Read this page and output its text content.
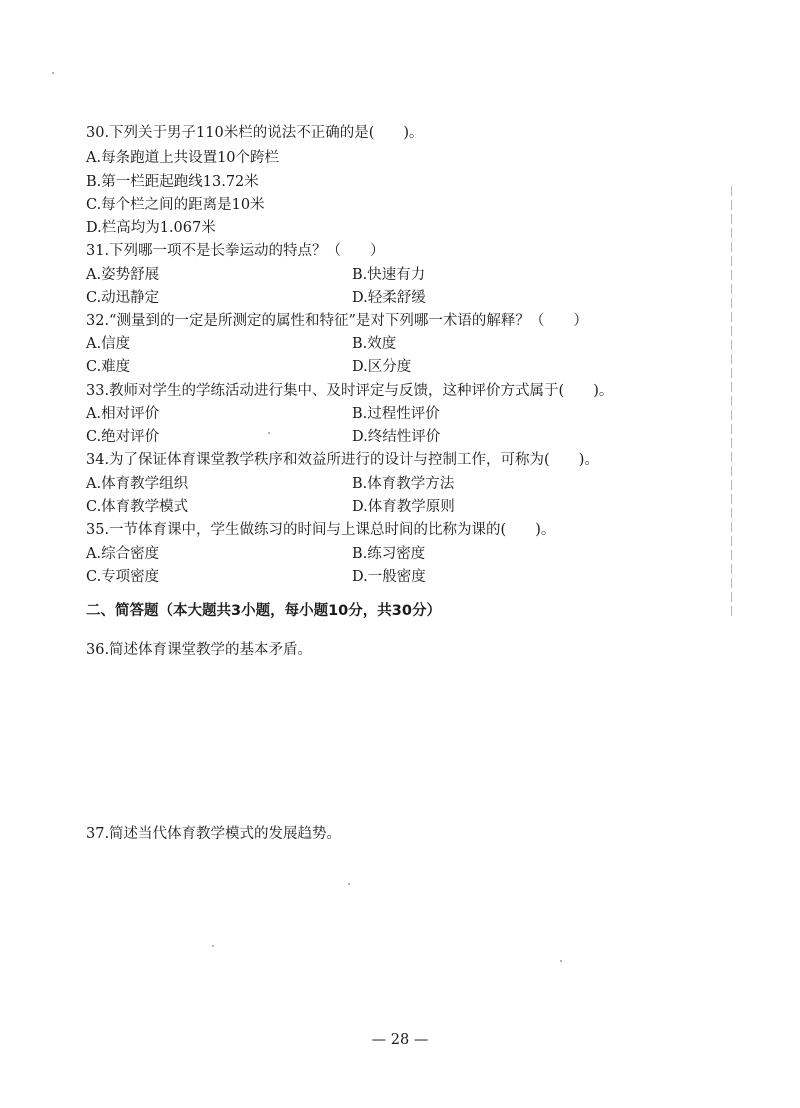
30.下列关于男子110米栏的说法不正确的是(　　)。
A.每条跑道上共设置10个跨栏
B.第一栏距起跑线13.72米
C.每个栏之间的距离是10米
D.栏高均为1.067米
31.下列哪一项不是长拳运动的特点？（　　）
A.姿势舒展	B.快速有力
C.动迅静定	D.轻柔舒缓
32.“测量到的一定是所测定的属性和特征”是对下列哪一术语的解释？（　　）
A.信度	B.效度
C.难度	D.区分度
33.教师对学生的学练活动进行集中、及时评定与反馈，这种评价方式属于(　　)。
A.相对评价	B.过程性评价
C.绝对评价	D.终结性评价
34.为了保证体育课堂教学秩序和效益所进行的设计与控制工作，可称为(　　)。
A.体育教学组织	B.体育教学方法
C.体育教学模式	D.体育教学原则
35.一节体育课中，学生做练习的时间与上课总时间的比称为课的(　　)。
A.综合密度	B.练习密度
C.专项密度	D.一般密度
二、简答题（本大题共3小题，每小题10分，共30分）
36.简述体育课堂教学的基本矛盾。
37.简述当代体育教学模式的发展趋势。
— 28 —
